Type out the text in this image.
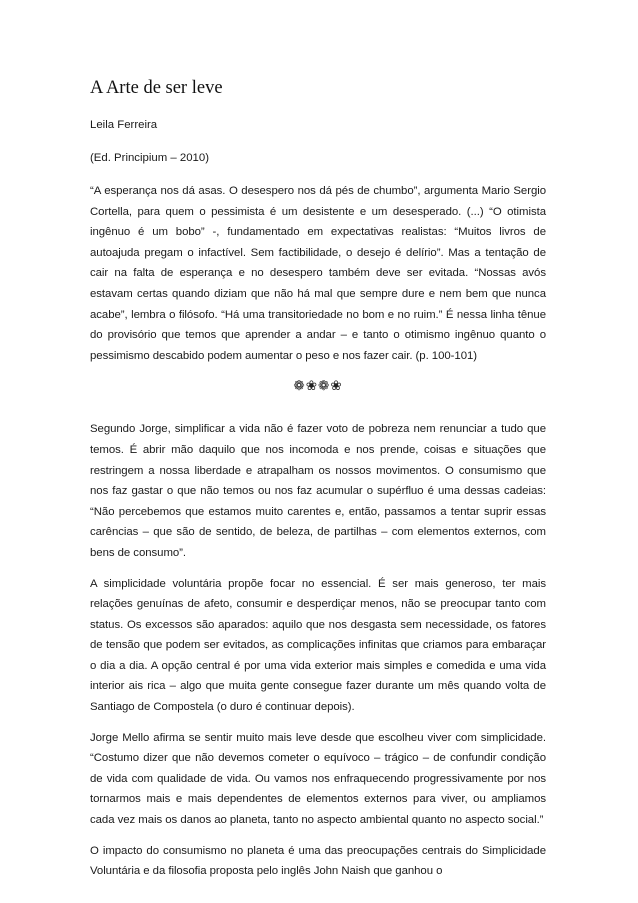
A Arte de ser leve
Leila Ferreira
(Ed. Principium – 2010)

“A esperança nos dá asas. O desespero nos dá pés de chumbo”, argumenta Mario Sergio Cortella, para quem o pessimista é um desistente e um desesperado. (...) “O otimista ingênuo é um bobo” -, fundamentado em expectativas realistas: “Muitos livros de autoajuda pregam o infactível. Sem factibilidade, o desejo é delírio”. Mas a tentação de cair na falta de esperança e no desespero também deve ser evitada. “Nossas avós estavam certas quando diziam que não há mal que sempre dure e nem bem que nunca acabe”, lembra o filósofo. “Há uma transitoriedade no bom e no ruim.” É nessa linha tênue do provisório que temos que aprender a andar – e tanto o otimismo ingênuo quanto o pessimismo descabido podem aumentar o peso e nos fazer cair. (p. 100-101)

❁❀❁❀

Segundo Jorge, simplificar a vida não é fazer voto de pobreza nem renunciar a tudo que temos. É abrir mão daquilo que nos incomoda e nos prende, coisas e situações que restringem a nossa liberdade e atrapalham os nossos movimentos. O consumismo que nos faz gastar o que não temos ou nos faz acumular o supérfluo é uma dessas cadeias: “Não percebemos que estamos muito carentes e, então, passamos a tentar suprir essas carências – que são de sentido, de beleza, de partilhas – com elementos externos, com bens de consumo”.

A simplicidade voluntária propõe focar no essencial. É ser mais generoso, ter mais relações genuínas de afeto, consumir e desperdiçar menos, não se preocupar tanto com status. Os excessos são aparados: aquilo que nos desgasta sem necessidade, os fatores de tensão que podem ser evitados, as complicações infinitas que criamos para embaraçar o dia a dia. A opção central é por uma vida exterior mais simples e comedida e uma vida interior ais rica – algo que muita gente consegue fazer durante um mês quando volta de Santiago de Compostela (o duro é continuar depois).

Jorge Mello afirma se sentir muito mais leve desde que escolheu viver com simplicidade. “Costumo dizer que não devemos cometer o equívoco – trágico – de confundir condição de vida com qualidade de vida. Ou vamos nos enfraquecendo progressivamente por nos tornarmos mais e mais dependentes de elementos externos para viver, ou ampliamos cada vez mais os danos ao planeta, tanto no aspecto ambiental quanto no aspecto social.”

O impacto do consumismo no planeta é uma das preocupações centrais do Simplicidade Voluntária e da filosofia proposta pelo inglês John Naish que ganhou o
